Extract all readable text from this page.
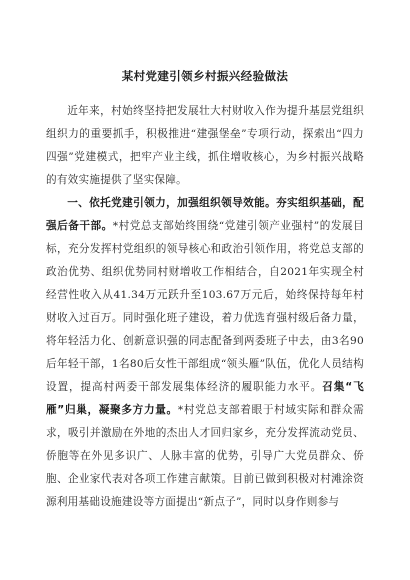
某村党建引领乡村振兴经验做法

近年来，村始终坚持把发展壮大村财收入作为提升基层党组织组织力的重要抓手，积极推进“建强堡垒”专项行动，探索出“四力四强”党建模式，把牢产业主线，抓住增收核心，为乡村振兴战略的有效实施提供了坚实保障。

一、依托党建引领力，加强组织领导效能。夯实组织基础，配强后备干部。*村党总支部始终围绕“党建引领产业强村”的发展目标，充分发挥村党组织的领导核心和政治引领作用，将党总支部的政治优势、组织优势同村财增收工作相结合，自2021年实现全村经营性收入从41.34万元跃升至103.67万元后，始终保持每年村财收入过百万。同时强化班子建设，着力优选育强村级后备力量，将年轻活力化、创新意识强的同志配备到两委班子中去，由3名90后年轻干部，1名80后女性干部组成“领头雁”队伍，优化人员结构设置，提高村两委干部发展集体经济的履职能力水平。召集“飞雁”归巢，凝聚多方力量。*村党总支部着眼于村域实际和群众需求，吸引并激励在外地的杰出人才回归家乡，充分发挥流动党员、侨胞等在外见多识广、人脉丰富的优势，引导广大党员群众、侨胞、企业家代表对各项工作建言献策。目前已做到积极对村滩涂资源利用基础设施建设等方面提出“新点子”，同时以身作则参与
